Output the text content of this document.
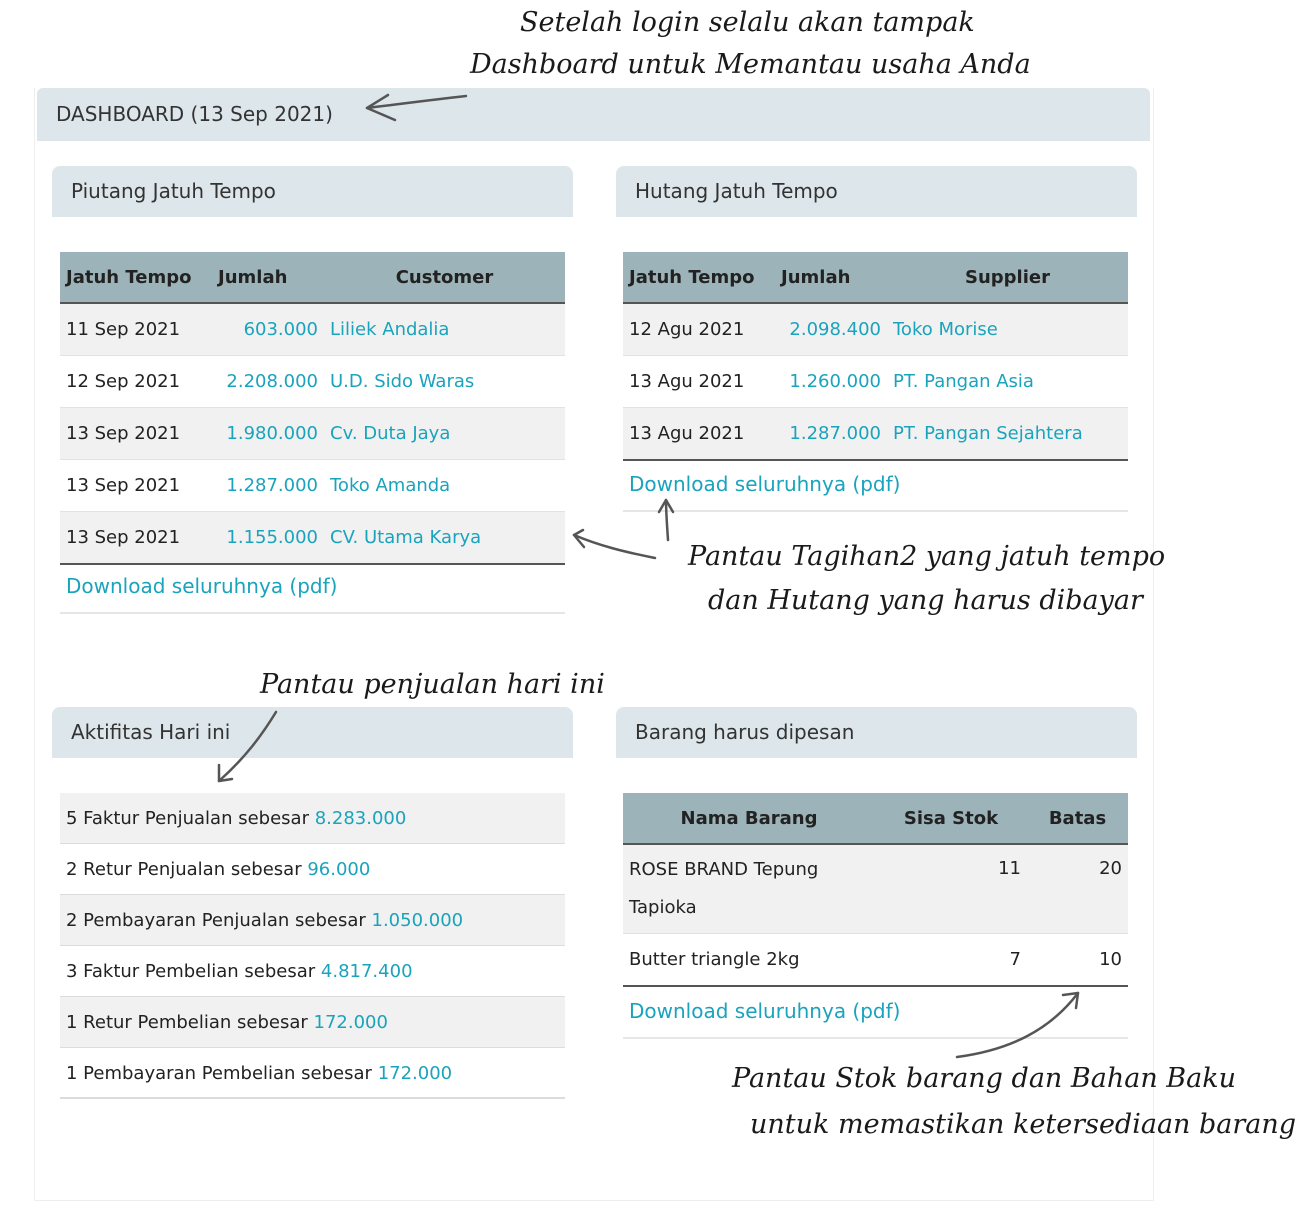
Setelah login selalu akan tampak
Dashboard untuk Memantau usaha Anda
Pantau Tagihan2 yang jatuh tempo
dan Hutang yang harus dibayar
Pantau penjualan hari ini
Pantau Stok barang dan Bahan Baku
untuk memastikan ketersediaan barang
DASHBOARD (13 Sep 2021)
Piutang Jatuh Tempo
Jatuh Tempo	Jumlah	Customer
11 Sep 2021	603.000	Liliek Andalia
12 Sep 2021	2.208.000	U.D. Sido Waras
13 Sep 2021	1.980.000	Cv. Duta Jaya
13 Sep 2021	1.287.000	Toko Amanda
13 Sep 2021	1.155.000	CV. Utama Karya
Download seluruhnya (pdf)
Hutang Jatuh Tempo
Jatuh Tempo	Jumlah	Supplier
12 Agu 2021	2.098.400	Toko Morise
13 Agu 2021	1.260.000	PT. Pangan Asia
13 Agu 2021	1.287.000	PT. Pangan Sejahtera
Download seluruhnya (pdf)
Aktifitas Hari ini
5 Faktur Penjualan sebesar 8.283.000
2 Retur Penjualan sebesar 96.000
2 Pembayaran Penjualan sebesar 1.050.000
3 Faktur Pembelian sebesar 4.817.400
1 Retur Pembelian sebesar 172.000
1 Pembayaran Pembelian sebesar 172.000
Barang harus dipesan
Nama Barang	Sisa Stok	Batas
ROSE BRAND Tepung
Tapioka	11	20
Butter triangle 2kg	7	10
Download seluruhnya (pdf)
